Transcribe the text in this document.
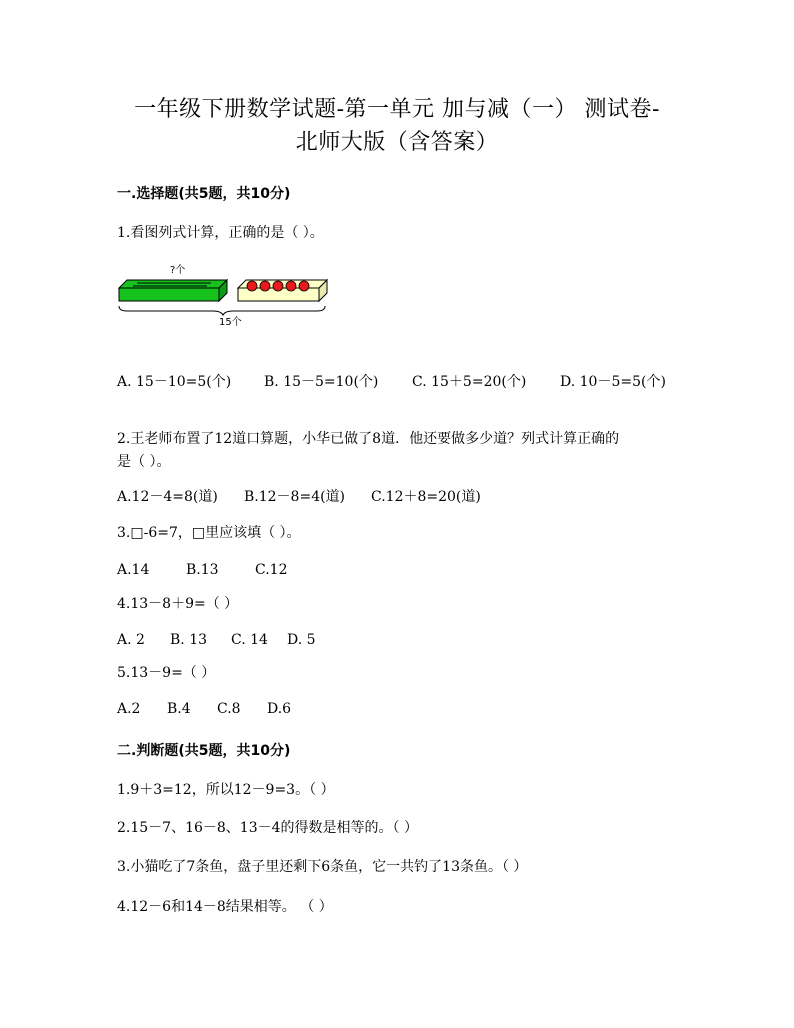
一年级下册数学试题-第一单元 加与减（一） 测试卷-
北师大版（含答案）
一.选择题(共5题，共10分)
1.看图列式计算，正确的是（ ）。
?个
15个
A. 15－10=5(个) B. 15－5=10(个) C. 15＋5=20(个) D. 10－5=5(个)
2.王老师布置了12道口算题，小华已做了8道．他还要做多少道？列式计算正确的
是（ ）。
A.12－4=8(道) B.12－8=4(道) C.12＋8=20(道)
3.□-6=7，□里应该填（ ）。
A.14	B.13	C.12
4.13－8＋9=（ ）
A. 2 B. 13 C. 14 D. 5
5.13－9=（ ）
A.2 B.4 C.8 D.6
二.判断题(共5题，共10分)
1.9＋3=12，所以12－9=3。（ ）
2.15－7、16－8、13－4的得数是相等的。（ ）
3.小猫吃了7条鱼，盘子里还剩下6条鱼，它一共钓了13条鱼。（ ）
4.12－6和14－8结果相等。 （ ）
